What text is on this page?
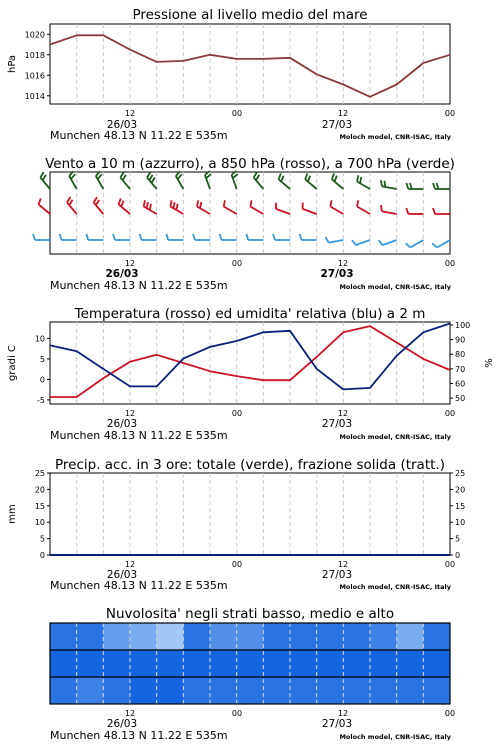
Pressione al livello medio del mare
1014
1016
1018
1020
hPa
12	00	12	00
26/03	27/03
Munchen 48.13 N 11.22 E 535m	Moloch model, CNR-ISAC, Italy
Vento a 10 m (azzurro), a 850 hPa (rosso), a 700 hPa (verde)
12	00	12	00
26/03	27/03
Munchen 48.13 N 11.22 E 535m	Moloch model, CNR-ISAC, Italy
Temperatura (rosso) ed umidita' relativa (blu) a 2 m
-5
0
5
10
50
60
70
80
90
100
gradi C	%
12	00	12	00
26/03	27/03
Munchen 48.13 N 11.22 E 535m	Moloch model, CNR-ISAC, Italy
Precip. acc. in 3 ore: totale (verde), frazione solida (tratt.)
0
5
10
15
20
25
0
5
10
15
20
25
mm
12	00	12	00
26/03	27/03
Munchen 48.13 N 11.22 E 535m	Moloch model, CNR-ISAC, Italy
Nuvolosita' negli strati basso, medio e alto
12	00	12	00
26/03	27/03
Munchen 48.13 N 11.22 E 535m	Moloch model, CNR-ISAC, Italy
